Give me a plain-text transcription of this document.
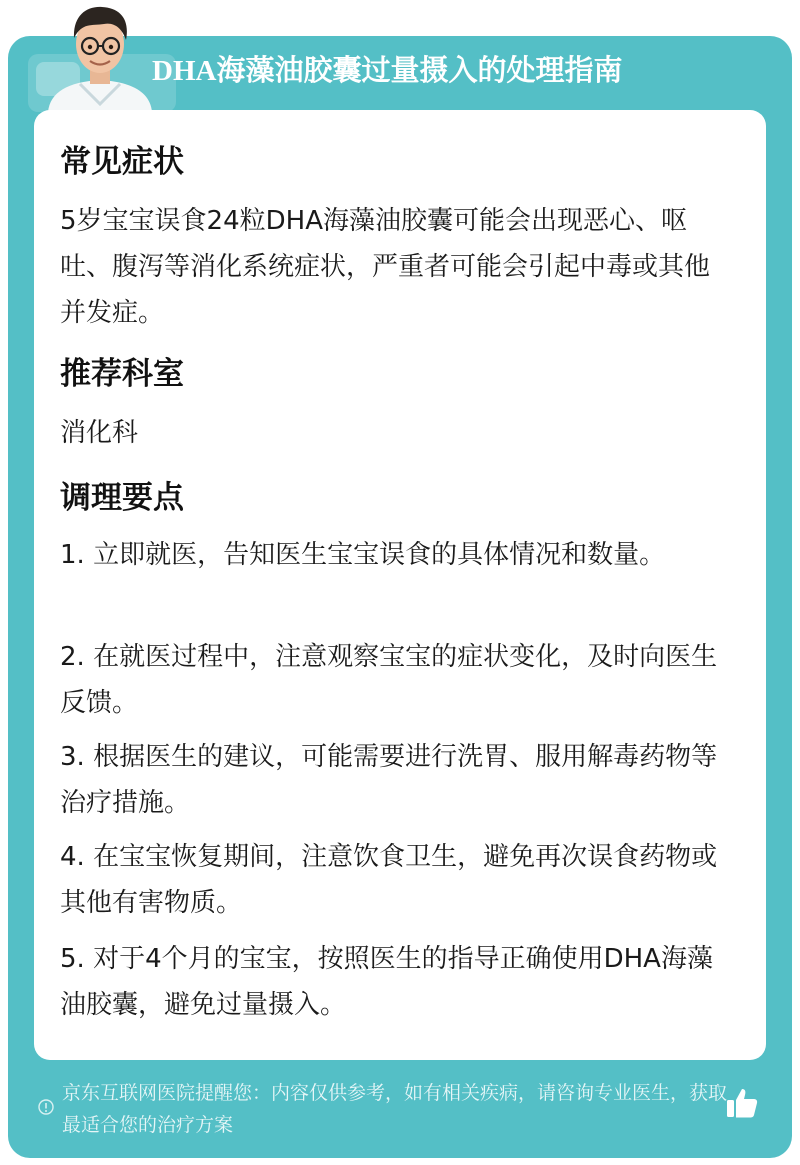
DHA海藻油胶囊过量摄入的处理指南
常见症状
5岁宝宝误食24粒DHA海藻油胶囊可能会出现恶心、呕吐、腹泻等消化系统症状，严重者可能会引起中毒或其他并发症。
推荐科室
消化科
调理要点
1. 立即就医，告知医生宝宝误食的具体情况和数量。
2. 在就医过程中，注意观察宝宝的症状变化，及时向医生反馈。
3. 根据医生的建议，可能需要进行洗胃、服用解毒药物等治疗措施。
4. 在宝宝恢复期间，注意饮食卫生，避免再次误食药物或其他有害物质。
5. 对于4个月的宝宝，按照医生的指导正确使用DHA海藻油胶囊，避免过量摄入。
京东互联网医院提醒您：内容仅供参考，如有相关疾病，请咨询专业医生，获取最适合您的治疗方案
